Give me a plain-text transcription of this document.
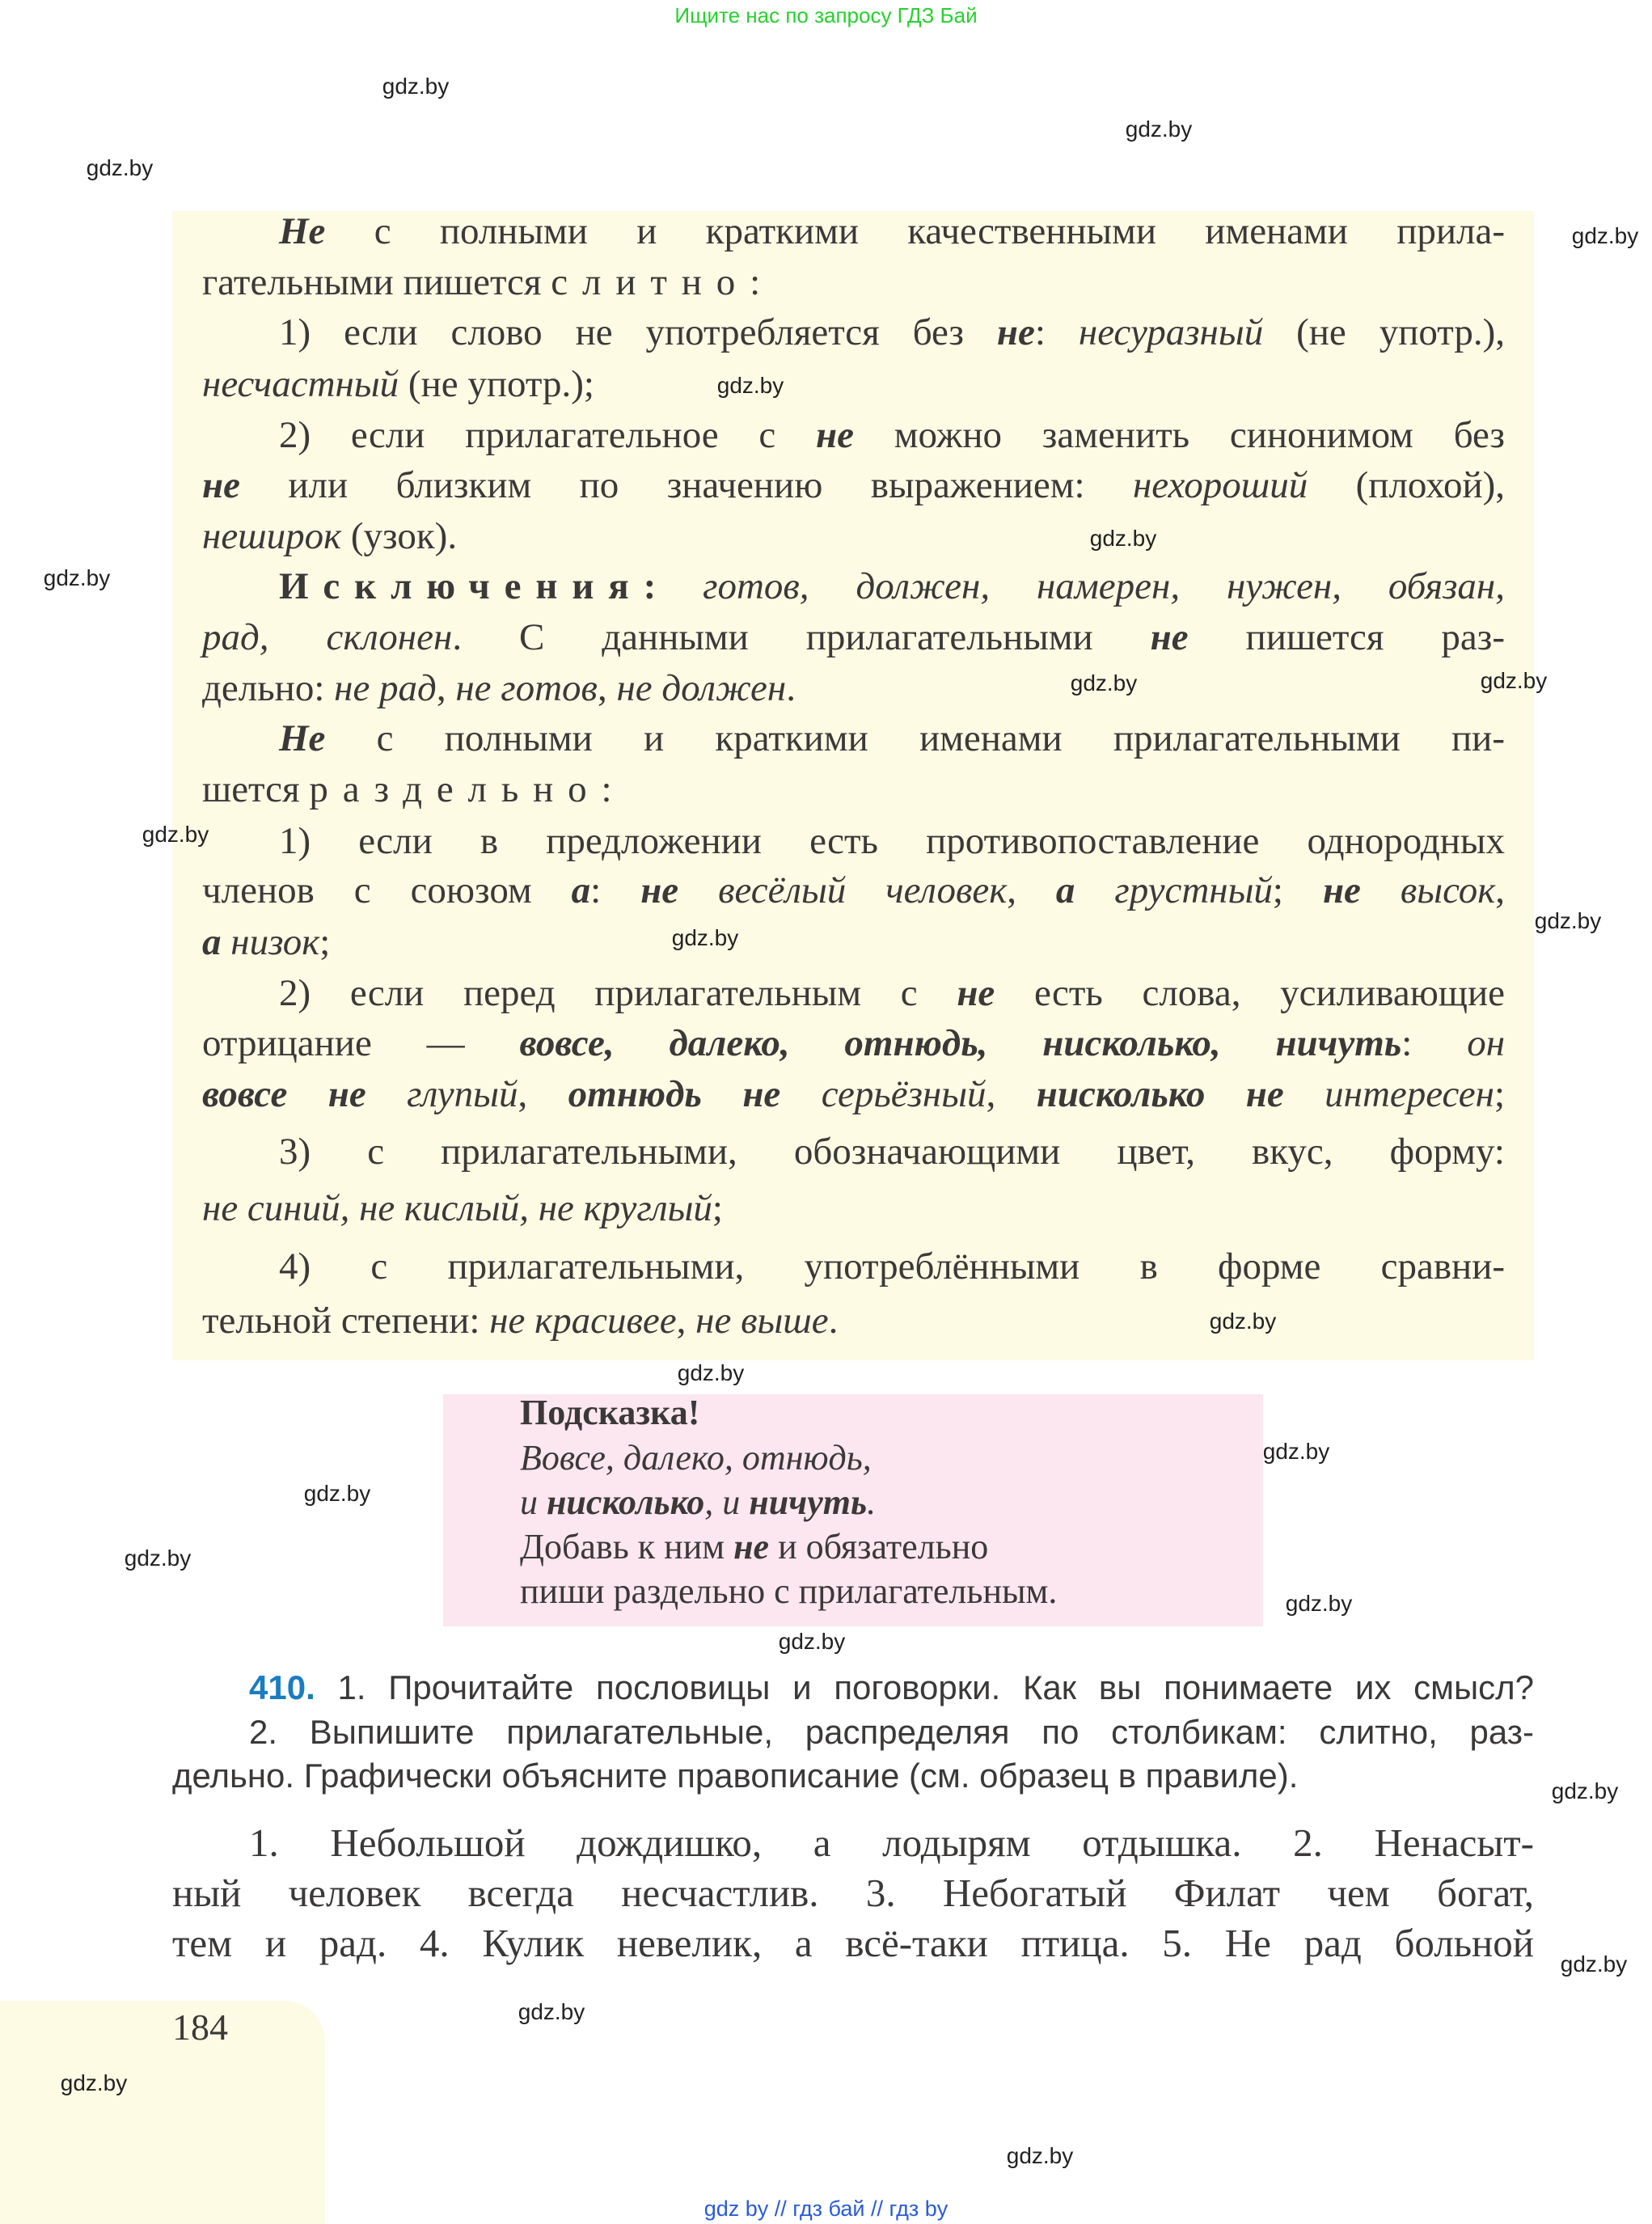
Ищите нас по запросу ГДЗ Бай
Не с полными и краткими качественными именами прила-
гательными пишется слитно:
1) если слово не употребляется без не: несуразный (не употр.),
несчастный (не употр.);
2) если прилагательное с не можно заменить синонимом без
не или близким по значению выражением: нехороший (плохой),
неширок (узок).
Исключения: готов, должен, намерен, нужен, обязан,
рад, склонен. С данными прилагательными не пишется раз-
дельно: не рад, не готов, не должен.
Не с полными и краткими именами прилагательными пи-
шется раздельно:
1) если в предложении есть противопоставление однородных
членов с союзом а: не весёлый человек, а грустный; не высок,
а низок;
2) если перед прилагательным с не есть слова, усиливающие
отрицание — вовсе, далеко, отнюдь, нисколько, ничуть: он
вовсе не глупый, отнюдь не серьёзный, нисколько не интересен;
3) с прилагательными, обозначающими цвет, вкус, форму:
не синий, не кислый, не круглый;
4) с прилагательными, употреблёнными в форме сравни-
тельной степени: не красивее, не выше.
Подсказка!
Вовсе, далеко, отнюдь,
и нисколько, и ничуть.
Добавь к ним не и обязательно
пиши раздельно с прилагательным.
410. 1. Прочитайте пословицы и поговорки. Как вы понимаете их смысл?
2. Выпишите прилагательные, распределяя по столбикам: слитно, раз-
дельно. Графически объясните правописание (см. образец в правиле).
1. Небольшой дождишко, а лодырям отдышка. 2. Ненасыт-
ный человек всегда несчастлив. 3. Небогатый Филат чем богат,
тем и рад. 4. Кулик невелик, а всё-таки птица. 5. Не рад больной
184
gdz by // гдз бай // гдз by
gdz.by
gdz.by
gdz.by
gdz.by
gdz.by
gdz.by
gdz.by
gdz.by
gdz.by
gdz.by
gdz.by
gdz.by
gdz.by
gdz.by
gdz.by
gdz.by
gdz.by
gdz.by
gdz.by
gdz.by
gdz.by
gdz.by
gdz.by
gdz.by
